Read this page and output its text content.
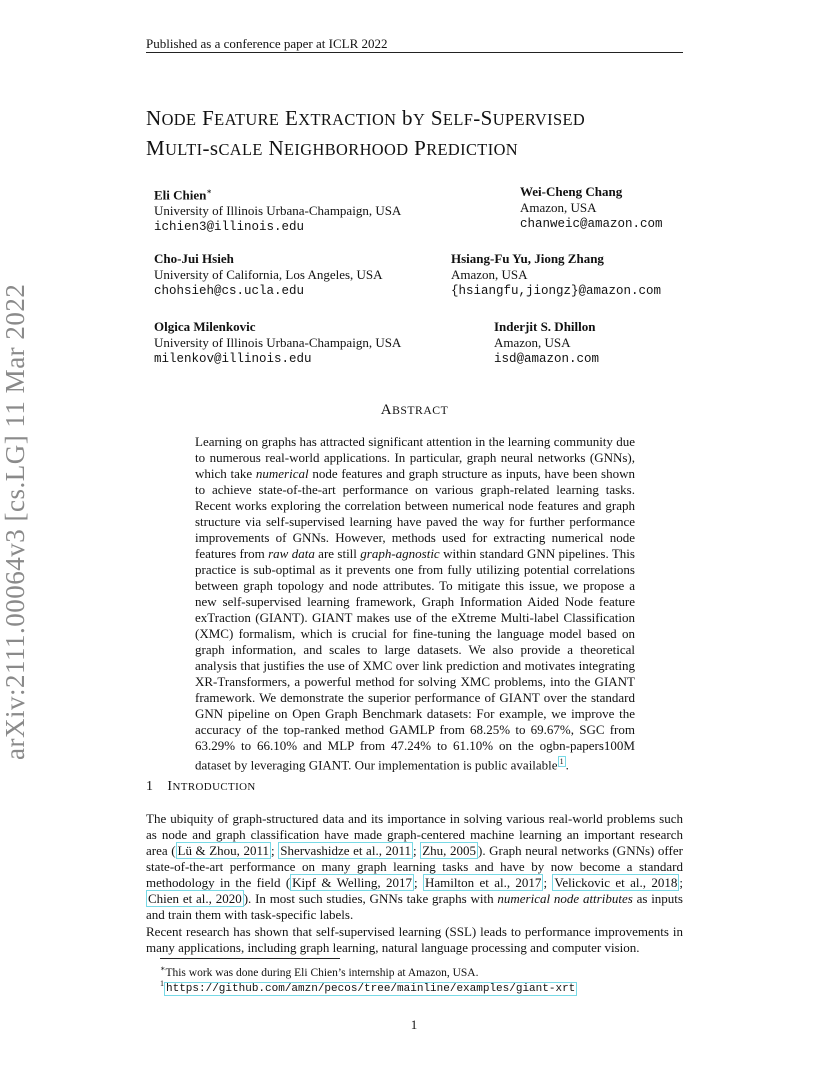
Published as a conference paper at ICLR 2022
NODE FEATURE EXTRACTION bY SELF-SUPERVISED
MULTI-sCALE NEIGHBORHOOD PREDICTION
Eli Chien∗
University of Illinois Urbana-Champaign, USA
ichien3@illinois.edu
Wei-Cheng Chang
Amazon, USA
chanweic@amazon.com
Cho-Jui Hsieh
University of California, Los Angeles, USA
chohsieh@cs.ucla.edu
Hsiang-Fu Yu, Jiong Zhang
Amazon, USA
{hsiangfu,jiongz}@amazon.com
Olgica Milenkovic
University of Illinois Urbana-Champaign, USA
milenkov@illinois.edu
Inderjit S. Dhillon
Amazon, USA
isd@amazon.com
ABSTRACT
Learning on graphs has attracted significant attention in the learning community due to numerous real-world applications. In particular, graph neural networks (GNNs), which take numerical node features and graph structure as inputs, have been shown to achieve state-of-the-art performance on various graph-related learning tasks. Recent works exploring the correlation between numerical node features and graph structure via self-supervised learning have paved the way for further performance improvements of GNNs. However, methods used for extracting numerical node features from raw data are still graph-agnostic within standard GNN pipelines. This practice is sub-optimal as it prevents one from fully utilizing potential correlations between graph topology and node attributes. To mitigate this issue, we propose a new self-supervised learning framework, Graph Information Aided Node feature exTraction (GIANT). GIANT makes use of the eXtreme Multi-label Classification (XMC) formalism, which is crucial for fine-tuning the language model based on graph information, and scales to large datasets. We also provide a theoretical analysis that justifies the use of XMC over link prediction and motivates integrating XR-Transformers, a powerful method for solving XMC problems, into the GIANT framework. We demonstrate the superior performance of GIANT over the standard GNN pipeline on Open Graph Benchmark datasets: For example, we improve the accuracy of the top-ranked method GAMLP from 68.25% to 69.67%, SGC from 63.29% to 66.10% and MLP from 47.24% to 61.10% on the ogbn-papers100M dataset by leveraging GIANT. Our implementation is public available $^1$ .
1 INTRODUCTION
The ubiquity of graph-structured data and its importance in solving various real-world problems such as node and graph classification have made graph-centered machine learning an important research area ( Lü & Zhou, 2011 ; Shervashidze et al., 2011 ; Zhu, 2005 ). Graph neural networks (GNNs) offer state-of-the-art performance on many graph learning tasks and have by now become a standard methodology in the field ( Kipf & Welling, 2017 ; Hamilton et al., 2017 ; Velickovic et al., 2018 ; Chien et al., 2020 ). In most such studies, GNNs take graphs with numerical node attributes as inputs and train them with task-specific labels.
Recent research has shown that self-supervised learning (SSL) leads to performance improvements in many applications, including graph learning, natural language processing and computer vision.
∗This work was done during Eli Chien’s internship at Amazon, USA.
$^1$ https://github.com/amzn/pecos/tree/mainline/examples/giant-xrt
1
arXiv:2111.00064v3 [cs.LG] 11 Mar 2022
